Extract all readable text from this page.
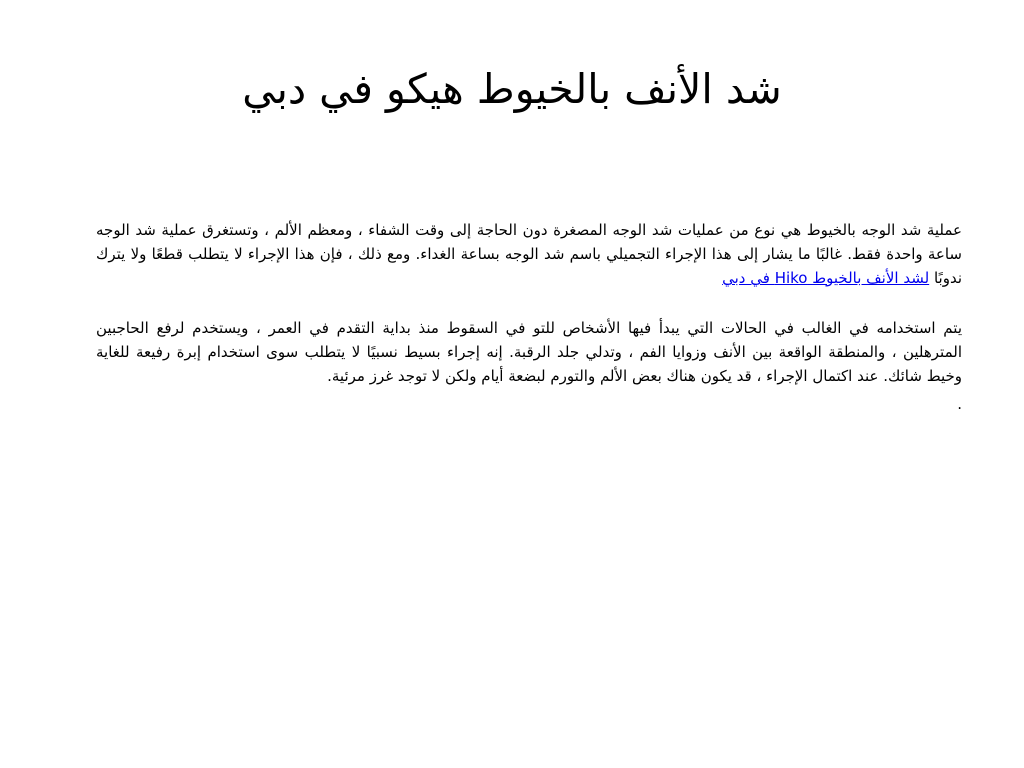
شد الأنف بالخيوط هيكو في دبي

عملية شد الوجه بالخيوط هي نوع من عمليات شد الوجه المصغرة دون الحاجة إلى وقت الشفاء ، ومعظم الألم ، وتستغرق عملية شد الوجه ساعة واحدة فقط. غالبًا ما يشار إلى هذا الإجراء التجميلي باسم شد الوجه بساعة الغداء. ومع ذلك ، فإن هذا الإجراء لا يتطلب قطعًا ولا يترك ندوبًا لشد الأنف بالخيوط Hiko في دبي

يتم استخدامه في الغالب في الحالات التي يبدأ فيها الأشخاص للتو في السقوط منذ بداية التقدم في العمر ، ويستخدم لرفع الحاجبين المترهلين ، والمنطقة الواقعة بين الأنف وزوايا الفم ، وتدلي جلد الرقبة. إنه إجراء بسيط نسبيًا لا يتطلب سوى استخدام إبرة رفيعة للغاية وخيط شائك. عند اكتمال الإجراء ، قد يكون هناك بعض الألم والتورم لبضعة أيام ولكن لا توجد غرز مرئية.

.
